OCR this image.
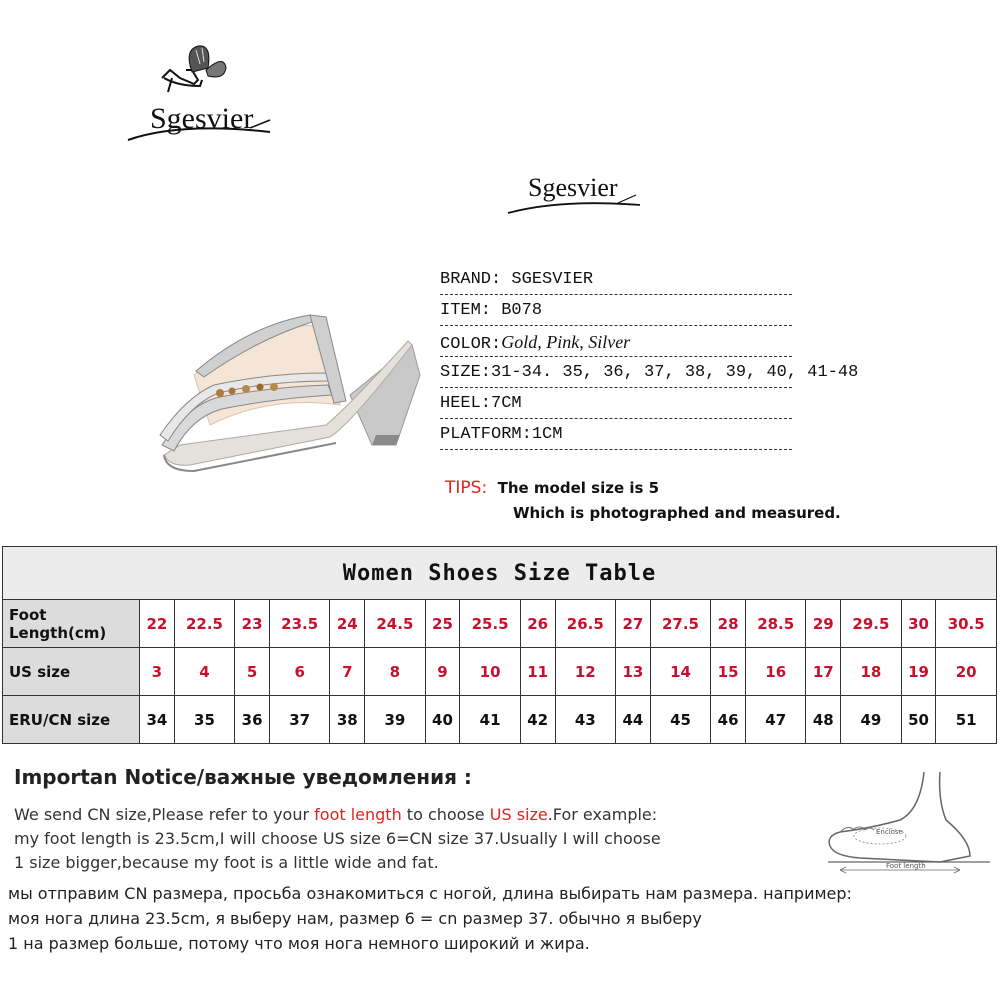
Sgesvier
Sgesvier
BRAND: SGESVIER
ITEM: B078
COLOR:Gold, Pink, Silver
SIZE:31-34. 35, 36, 37, 38, 39, 40, 41-48
HEEL:7CM
PLATFORM:1CM
TIPS: The model size is 5
Which is photographed and measured.
Women Shoes Size Table																		
Foot Length(cm)	22	22.5	23	23.5	24	24.5	25	25.5	26	26.5	27	27.5	28	28.5	29	29.5	30	30.5
US size	3	4	5	6	7	8	9	10	11	12	13	14	15	16	17	18	19	20
ERU/CN size	34	35	36	37	38	39	40	41	42	43	44	45	46	47	48	49	50	51
Importan Notice/важные уведомления :
We send CN size,Please refer to your foot length to choose US size.For example:
my foot length is 23.5cm,I will choose US size 6=CN size 37.Usually I will choose
1 size bigger,because my foot is a little wide and fat.
мы отправим CN размера, просьба ознакомиться с ногой, длина выбирать нам размера. например:
моя нога длина 23.5cm, я выберу нам, размер 6 = cn размер 37. обычно я выберу
1 на размер больше, потому что моя нога немного широкий и жира.
Enclose
Foot length
